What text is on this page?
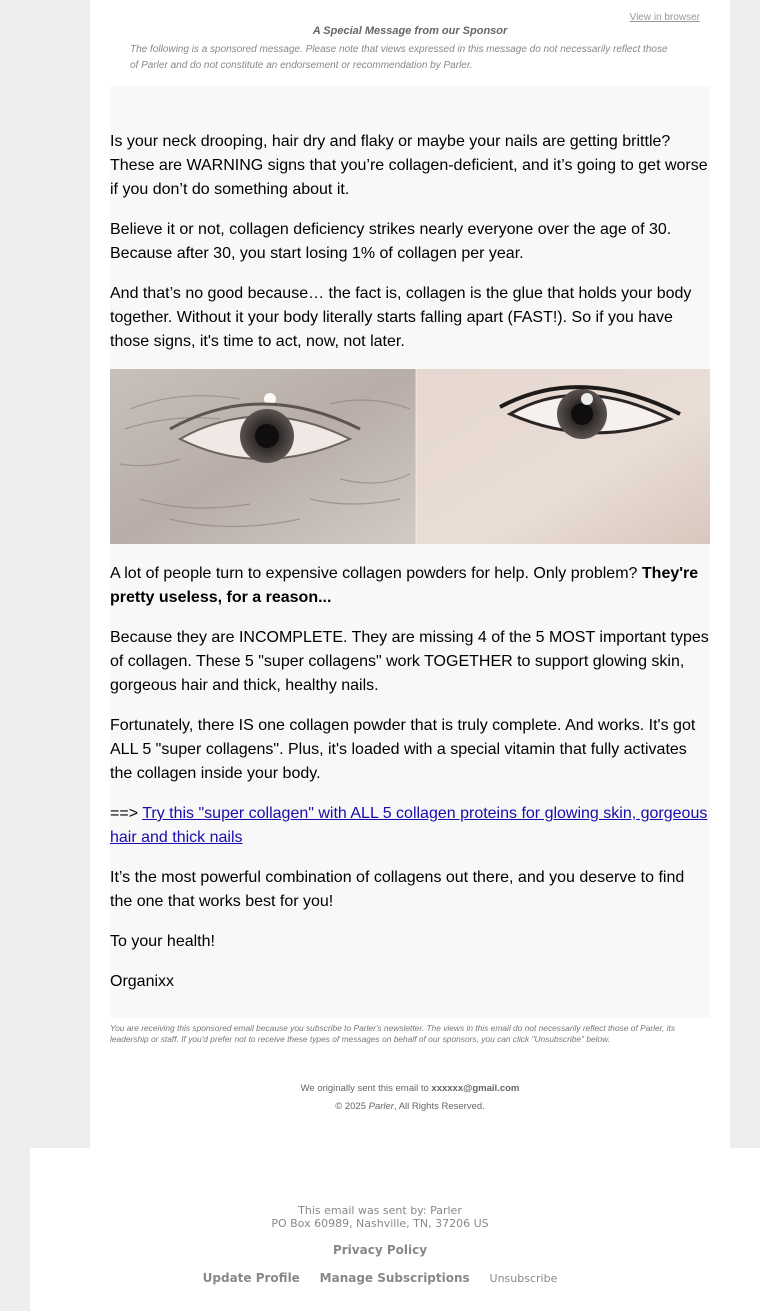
View in browser
A Special Message from our Sponsor
The following is a sponsored message. Please note that views expressed in this message do not necessarily reflect those of Parler and do not constitute an endorsement or recommendation by Parler.

Is your neck drooping, hair dry and flaky or maybe your nails are getting brittle? These are WARNING signs that you’re collagen-deficient, and it’s going to get worse if you don’t do something about it.

Believe it or not, collagen deficiency strikes nearly everyone over the age of 30. Because after 30, you start losing 1% of collagen per year.

And that’s no good because… the fact is, collagen is the glue that holds your body together. Without it your body literally starts falling apart (FAST!). So if you have those signs, it's time to act, now, not later.

A lot of people turn to expensive collagen powders for help. Only problem? They're pretty useless, for a reason...

Because they are INCOMPLETE. They are missing 4 of the 5 MOST important types of collagen. These 5 "super collagens" work TOGETHER to support glowing skin, gorgeous hair and thick, healthy nails.

Fortunately, there IS one collagen powder that is truly complete. And works. It's got ALL 5 "super collagens". Plus, it's loaded with a special vitamin that fully activates the collagen inside your body.

==> Try this "super collagen" with ALL 5 collagen proteins for glowing skin, gorgeous hair and thick nails

It’s the most powerful combination of collagens out there, and you deserve to find the one that works best for you!

To your health!

Organixx

You are receiving this sponsored email because you subscribe to Parler's newsletter. The views in this email do not necessarily reflect those of Parler, its leadership or staff. If you'd prefer not to receive these types of messages on behalf of our sponsors, you can click "Unsubscribe" below.
We originally sent this email to xxxxxx@gmail.com
© 2025 Parler, All Rights Reserved.
This email was sent by: Parler
PO Box 60989, Nashville, TN, 37206 US
Privacy Policy
Update Profile Manage Subscriptions Unsubscribe
